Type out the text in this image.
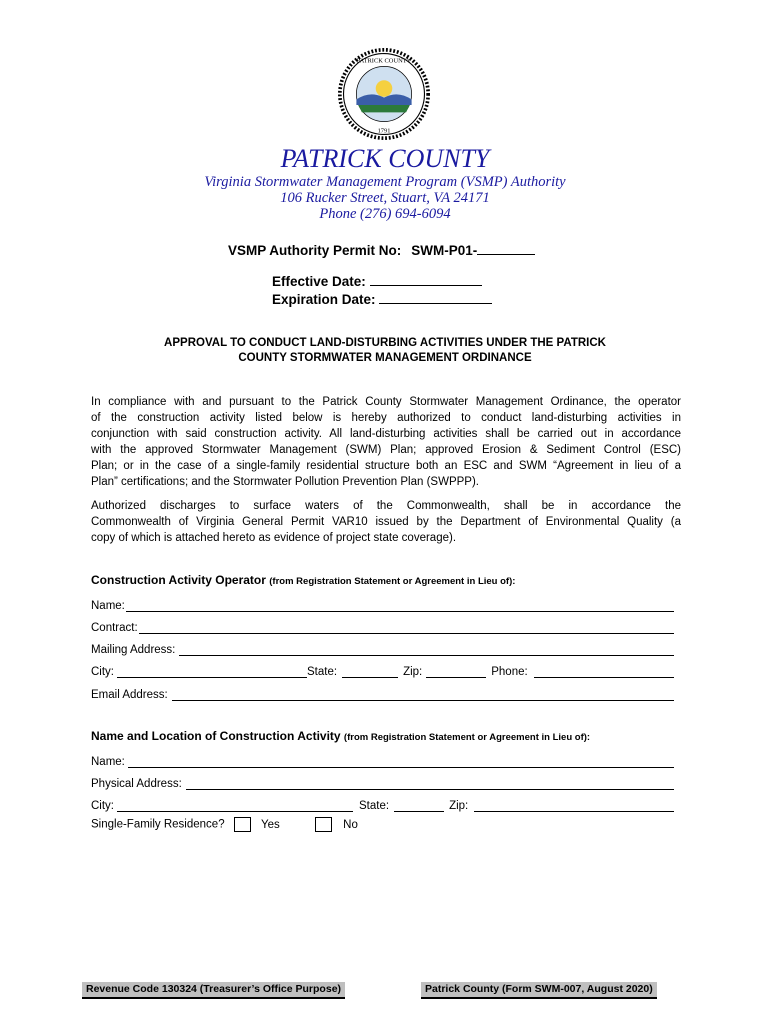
PATRICK COUNTY
1791
PATRICK COUNTY
Virginia Stormwater Management Program (VSMP) Authority
106 Rucker Street, Stuart, VA 24171
Phone (276) 694-6094
VSMP Authority Permit No: SWM-P01-
Effective Date:
Expiration Date:
APPROVAL TO CONDUCT LAND-DISTURBING ACTIVITIES UNDER THE PATRICK
COUNTY STORMWATER MANAGEMENT ORDINANCE
In compliance with and pursuant to the Patrick County Stormwater Management Ordinance, the operator
of the construction activity listed below is hereby authorized to conduct land-disturbing activities in
conjunction with said construction activity. All land-disturbing activities shall be carried out in accordance
with the approved Stormwater Management (SWM) Plan; approved Erosion & Sediment Control (ESC)
Plan; or in the case of a single-family residential structure both an ESC and SWM “Agreement in lieu of a
Plan” certifications; and the Stormwater Pollution Prevention Plan (SWPPP).
Authorized discharges to surface waters of the Commonwealth, shall be in accordance the
Commonwealth of Virginia General Permit VAR10 issued by the Department of Environmental Quality (a
copy of which is attached hereto as evidence of project state coverage).
Construction Activity Operator (from Registration Statement or Agreement in Lieu of):
Name:
Contract:
Mailing Address:
City:	State:	Zip:	Phone:
Email Address:
Name and Location of Construction Activity (from Registration Statement or Agreement in Lieu of):
Name:
Physical Address:
City:	State:	Zip:
Single-Family Residence?	Yes	No
Revenue Code 130324 (Treasurer’s Office Purpose)	Patrick County (Form SWM-007, August 2020)
